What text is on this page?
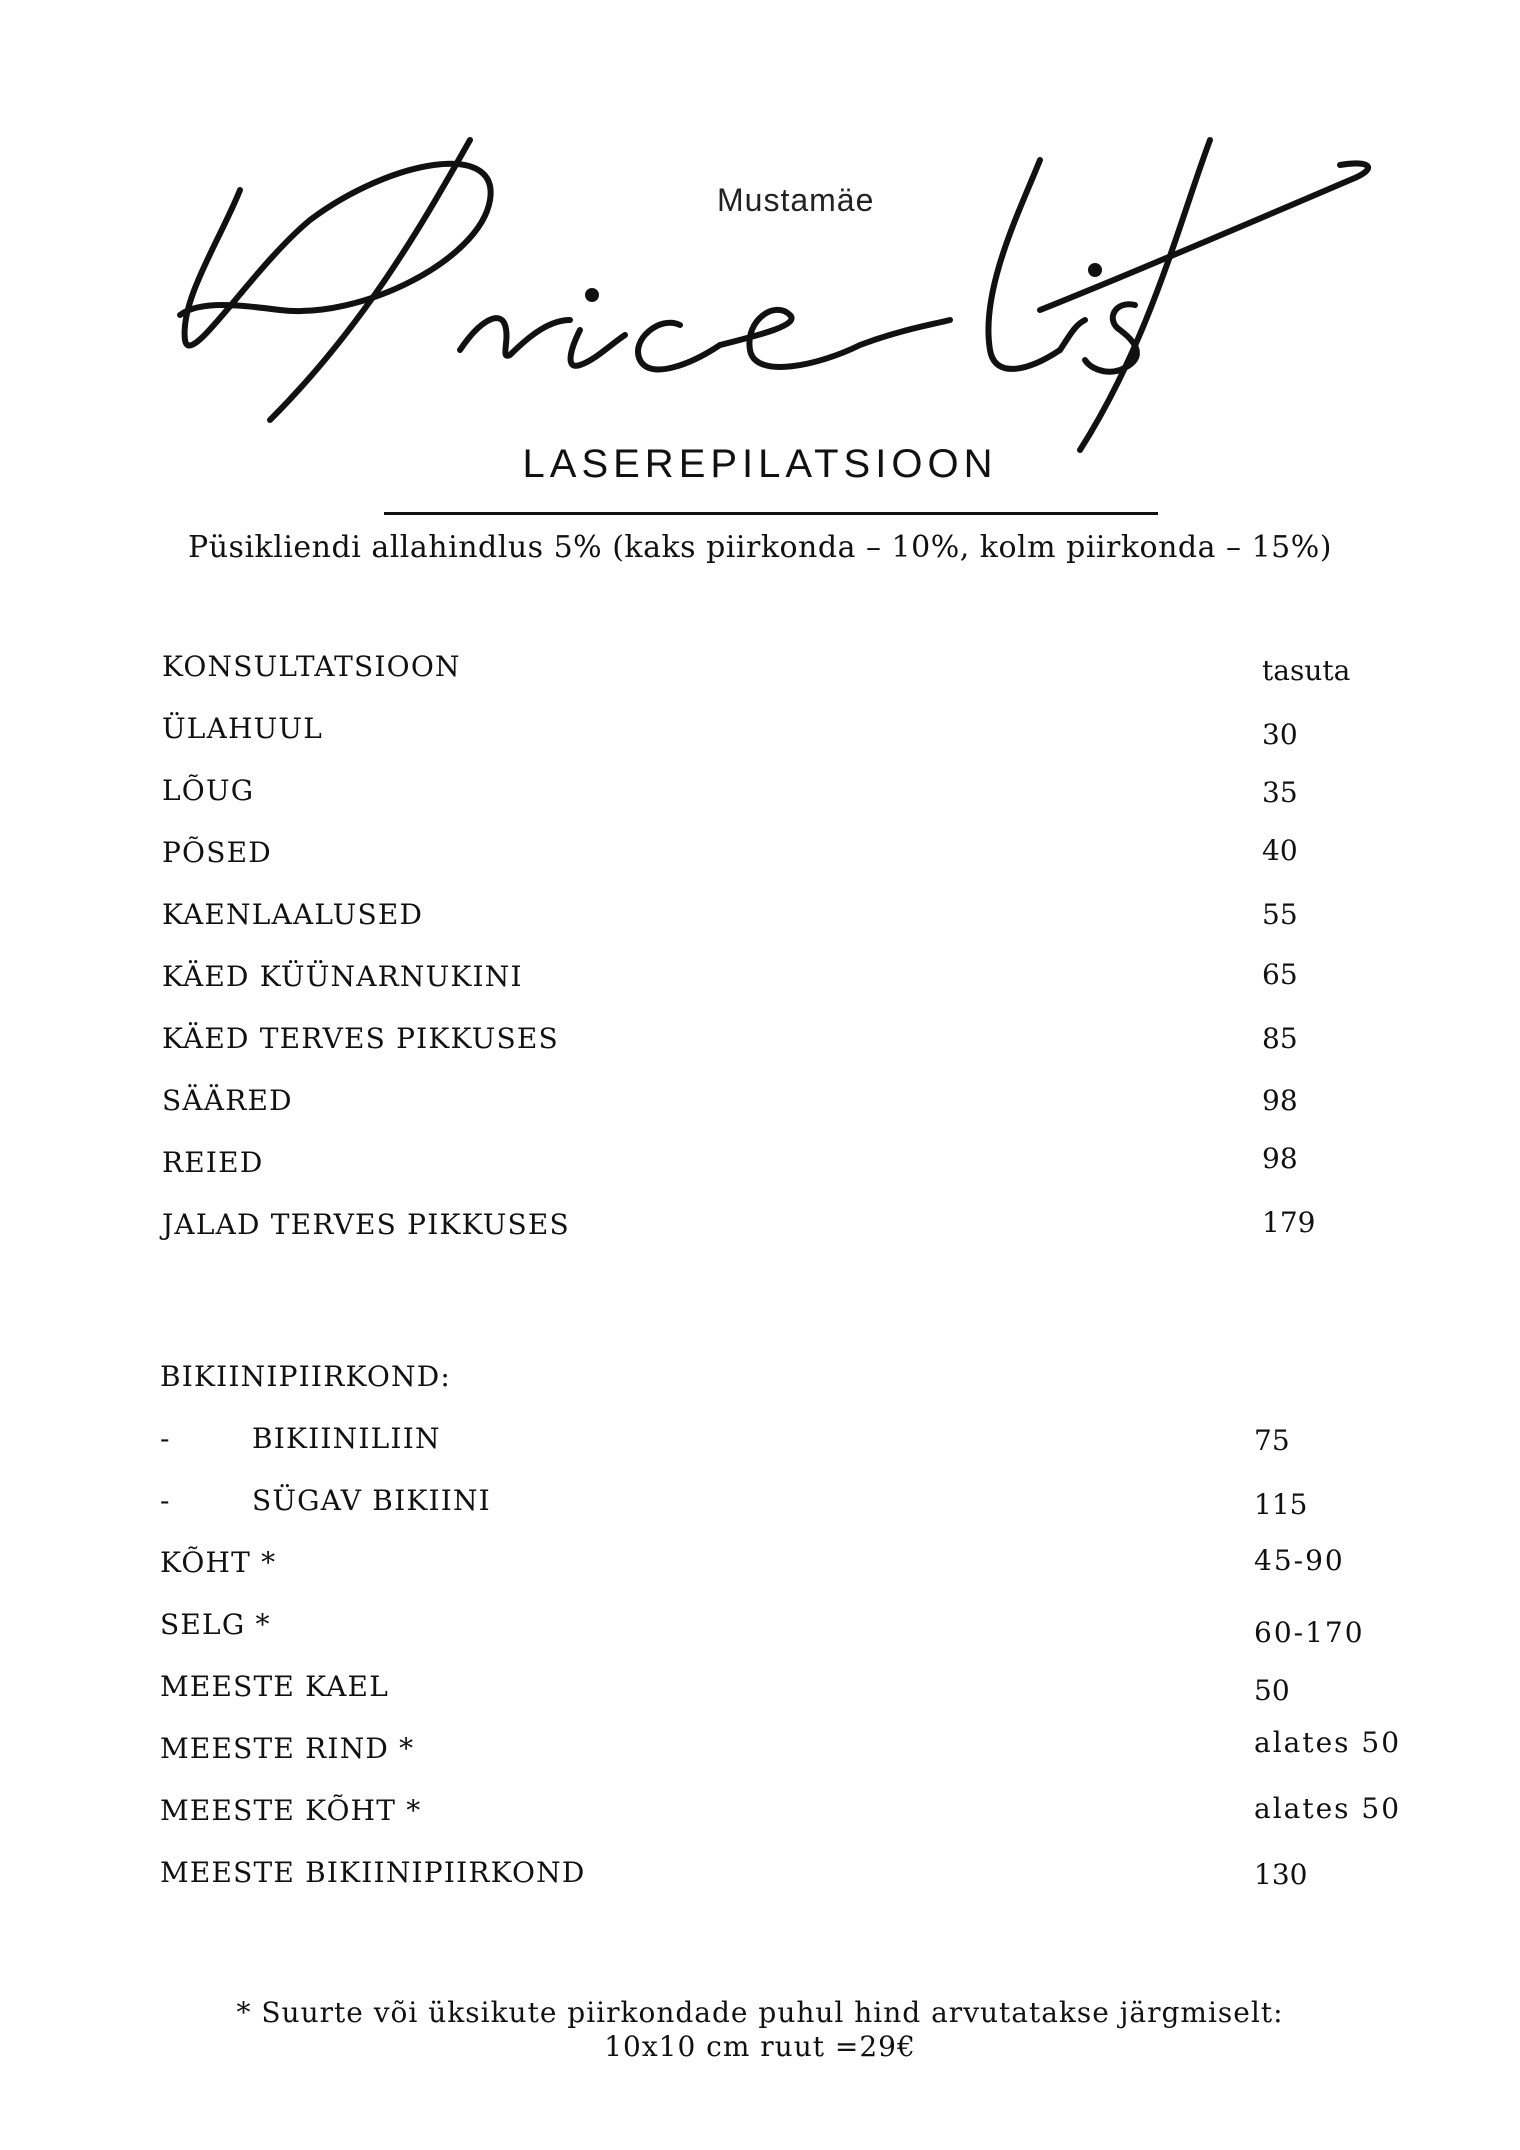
Mustamäe
LASEREPILATSIOON
Püsikliendi allahindlus 5% (kaks piirkonda – 10%, kolm piirkonda – 15%)
KONSULTATSIOON	tasuta
ÜLAHUUL	30
LÕUG	35
PÕSED	40
KAENLAALUSED	55
KÄED KÜÜNARNUKINI	65
KÄED TERVES PIKKUSES	85
SÄÄRED	98
REIED	98
JALAD TERVES PIKKUSES	179
BIKIINIPIIRKOND:
-	BIKIINILIIN	75
-	SÜGAV BIKIINI	115
KÕHT *	45-90
SELG *	60-170
MEESTE KAEL	50
MEESTE RIND *	alates 50
MEESTE KÕHT *	alates 50
MEESTE BIKIINIPIIRKOND	130
* Suurte või üksikute piirkondade puhul hind arvutatakse järgmiselt:
10x10 cm ruut =29€
